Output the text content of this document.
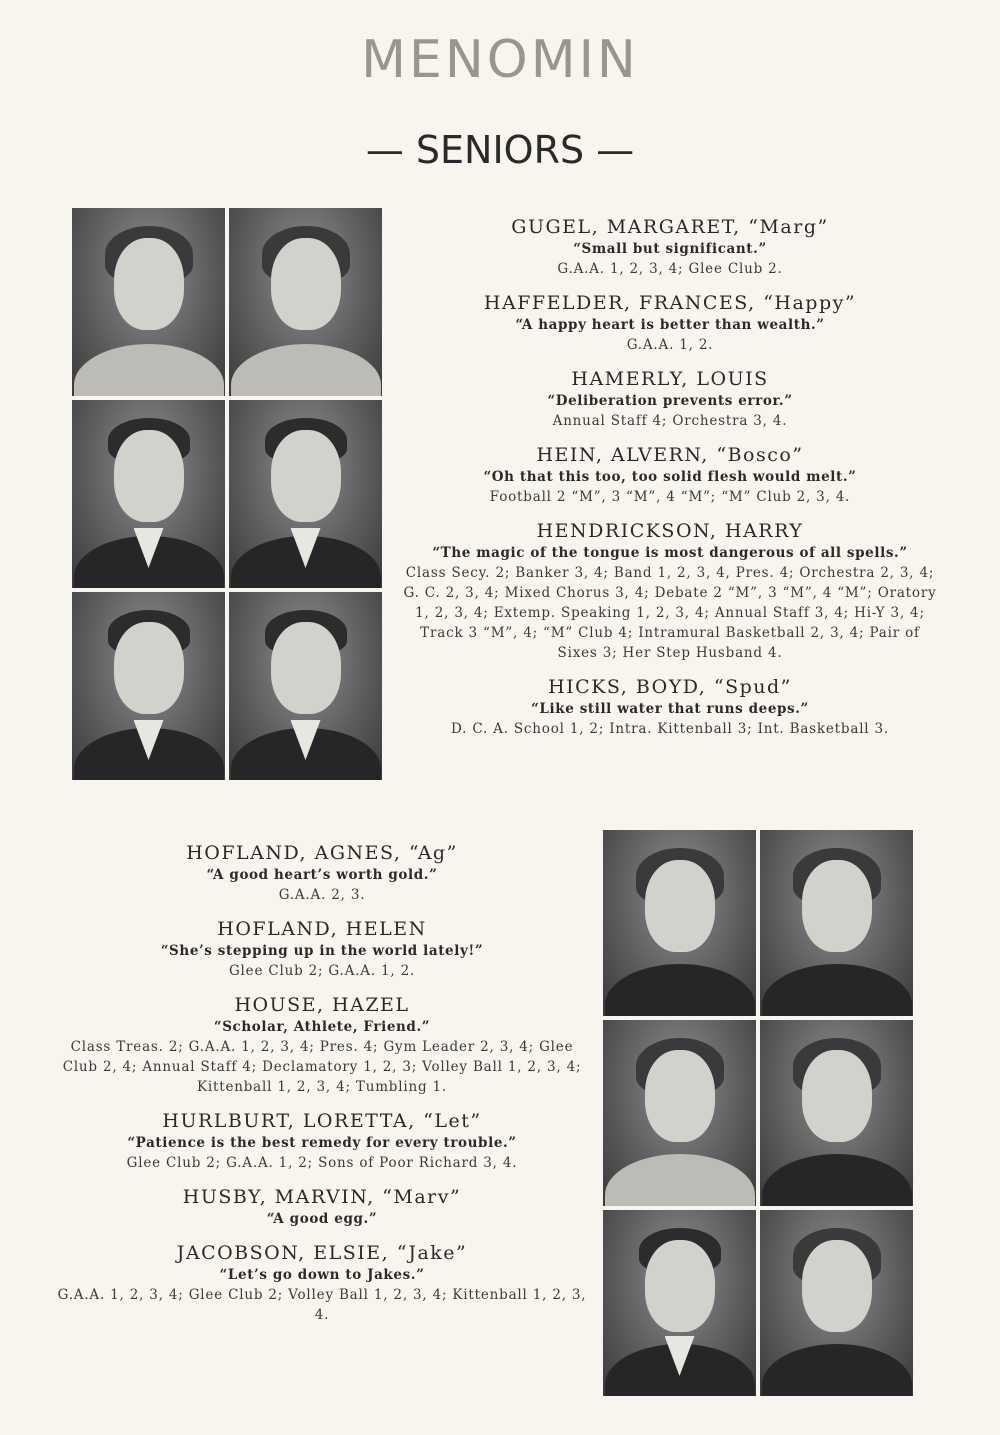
MENOMIN
— SENIORS —
GUGEL, MARGARET, “Marg”
“Small but significant.”
G.A.A. 1, 2, 3, 4; Glee Club 2.
HAFFELDER, FRANCES, “Happy”
“A happy heart is better than wealth.”
G.A.A. 1, 2.
HAMERLY, LOUIS
“Deliberation prevents error.”
Annual Staff 4; Orchestra 3, 4.
HEIN, ALVERN, “Bosco”
“Oh that this too, too solid flesh would melt.”
Football 2 “M”, 3 “M”, 4 “M”; “M” Club 2, 3, 4.
HENDRICKSON, HARRY
“The magic of the tongue is most dangerous of all spells.”
Class Secy. 2; Banker 3, 4; Band 1, 2, 3, 4, Pres. 4; Orchestra 2, 3, 4; G. C. 2, 3, 4; Mixed Chorus 3, 4; Debate 2 “M”, 3 “M”, 4 “M”; Oratory 1, 2, 3, 4; Extemp. Speaking 1, 2, 3, 4; Annual Staff 3, 4; Hi-Y 3, 4; Track 3 “M”, 4; “M” Club 4; Intramural Basketball 2, 3, 4; Pair of Sixes 3; Her Step Husband 4.
HICKS, BOYD, “Spud”
“Like still water that runs deeps.”
D. C. A. School 1, 2; Intra. Kittenball 3; Int. Basketball 3.
HOFLAND, AGNES, “Ag”
“A good heart’s worth gold.”
G.A.A. 2, 3.
HOFLAND, HELEN
“She’s stepping up in the world lately!”
Glee Club 2; G.A.A. 1, 2.
HOUSE, HAZEL
“Scholar, Athlete, Friend.”
Class Treas. 2; G.A.A. 1, 2, 3, 4; Pres. 4; Gym Leader 2, 3, 4; Glee Club 2, 4; Annual Staff 4; Declamatory 1, 2, 3; Volley Ball 1, 2, 3, 4; Kittenball 1, 2, 3, 4; Tumbling 1.
HURLBURT, LORETTA, “Let”
“Patience is the best remedy for every trouble.”
Glee Club 2; G.A.A. 1, 2; Sons of Poor Richard 3, 4.
HUSBY, MARVIN, “Marv”
“A good egg.”
JACOBSON, ELSIE, “Jake”
“Let’s go down to Jakes.”
G.A.A. 1, 2, 3, 4; Glee Club 2; Volley Ball 1, 2, 3, 4; Kittenball 1, 2, 3, 4.
